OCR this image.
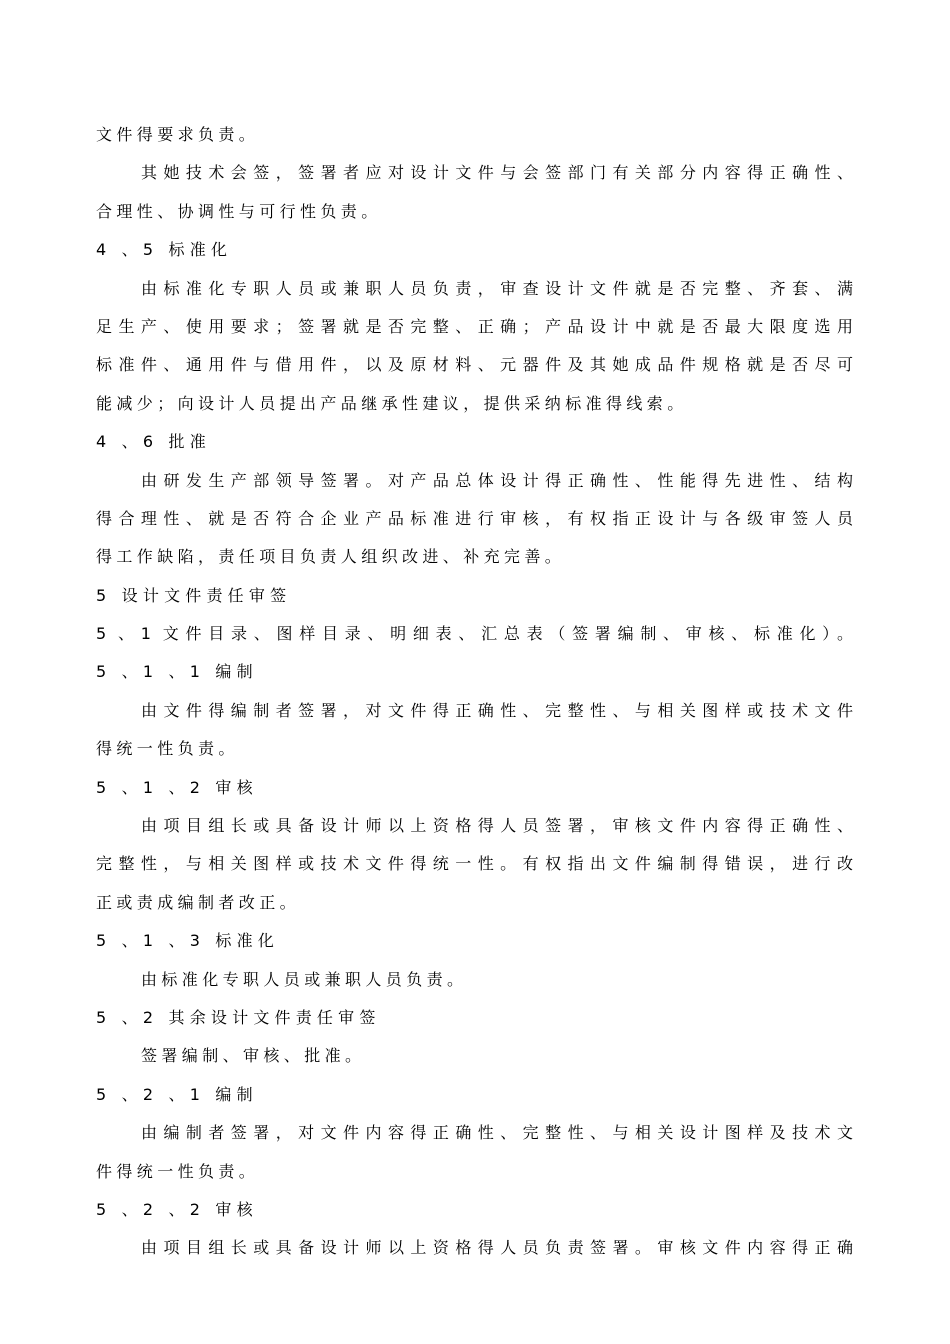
文件得要求负责。
其她技术会签，签署者应对设计文件与会签部门有关部分内容得正确性、
合理性、协调性与可行性负责。
4 、5 标准化
由标准化专职人员或兼职人员负责，审查设计文件就是否完整、齐套、满
足生产、使用要求；签署就是否完整、正确；产品设计中就是否最大限度选用
标准件、通用件与借用件，以及原材料、元器件及其她成品件规格就是否尽可
能减少；向设计人员提出产品继承性建议，提供采纳标准得线索。
4 、6 批准
由研发生产部领导签署。对产品总体设计得正确性、性能得先进性、结构
得合理性、就是否符合企业产品标准进行审核，有权指正设计与各级审签人员
得工作缺陷，责任项目负责人组织改进、补充完善。
5 设计文件责任审签
5 、1 文件目录、图样目录、明细表、汇总表（签署编制、审核、标准化）。
5 、1 、1 编制
由文件得编制者签署，对文件得正确性、完整性、与相关图样或技术文件
得统一性负责。
5 、1 、2 审核
由项目组长或具备设计师以上资格得人员签署，审核文件内容得正确性、
完整性，与相关图样或技术文件得统一性。有权指出文件编制得错误，进行改
正或责成编制者改正。
5 、1 、3 标准化
由标准化专职人员或兼职人员负责。
5 、2 其余设计文件责任审签
签署编制、审核、批准。
5 、2 、1 编制
由编制者签署，对文件内容得正确性、完整性、与相关设计图样及技术文
件得统一性负责。
5 、2 、2 审核
由项目组长或具备设计师以上资格得人员负责签署。审核文件内容得正确
